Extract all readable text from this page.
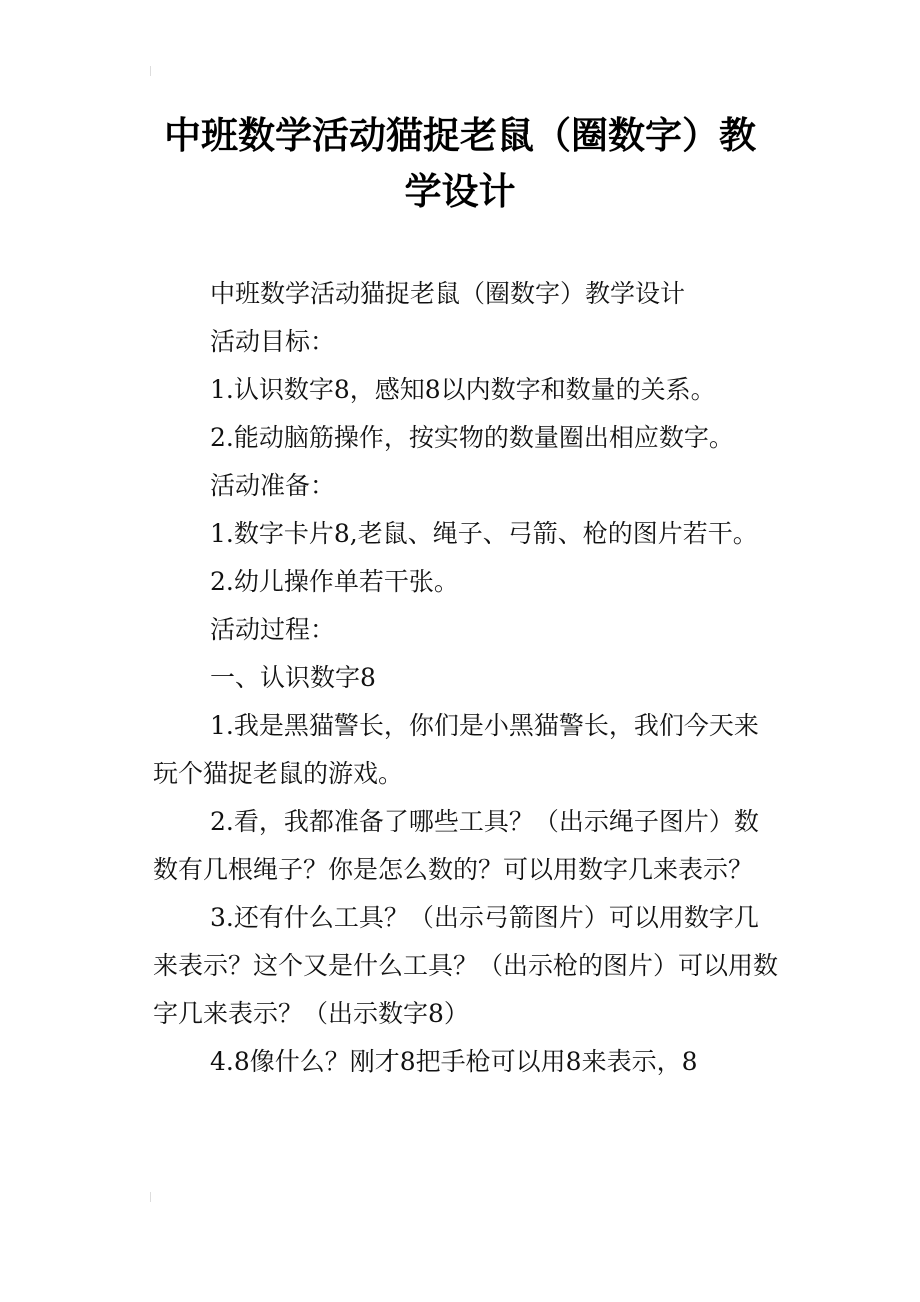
中班数学活动猫捉老鼠（圈数字）教学设计

中班数学活动猫捉老鼠（圈数字）教学设计

活动目标：

1.认识数字8，感知8以内数字和数量的关系。

2.能动脑筋操作，按实物的数量圈出相应数字。

活动准备：

1.数字卡片8,老鼠、绳子、弓箭、枪的图片若干。

2.幼儿操作单若干张。

活动过程：

一、认识数字8

1.我是黑猫警长，你们是小黑猫警长，我们今天来玩个猫捉老鼠的游戏。

2.看，我都准备了哪些工具？（出示绳子图片）数数有几根绳子？你是怎么数的？可以用数字几来表示？

3.还有什么工具？（出示弓箭图片）可以用数字几来表示？这个又是什么工具？（出示枪的图片）可以用数字几来表示？（出示数字8）

4.8像什么？刚才8把手枪可以用8来表示，8
